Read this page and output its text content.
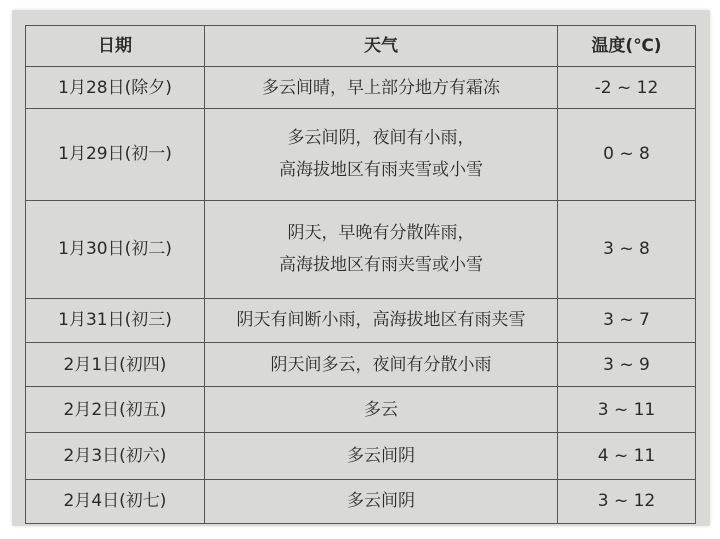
日期	天气	温度(℃)
1月28日(除夕)	多云间晴，早上部分地方有霜冻	-2 ~ 12
1月29日(初一)	多云间阴，夜间有小雨，
高海拔地区有雨夹雪或小雪	0 ~ 8
1月30日(初二)	阴天，早晚有分散阵雨，
高海拔地区有雨夹雪或小雪	3 ~ 8
1月31日(初三)	阴天有间断小雨，高海拔地区有雨夹雪	3 ~ 7
2月1日(初四)	阴天间多云，夜间有分散小雨	3 ~ 9
2月2日(初五)	多云	3 ~ 11
2月3日(初六)	多云间阴	4 ~ 11
2月4日(初七)	多云间阴	3 ~ 12
